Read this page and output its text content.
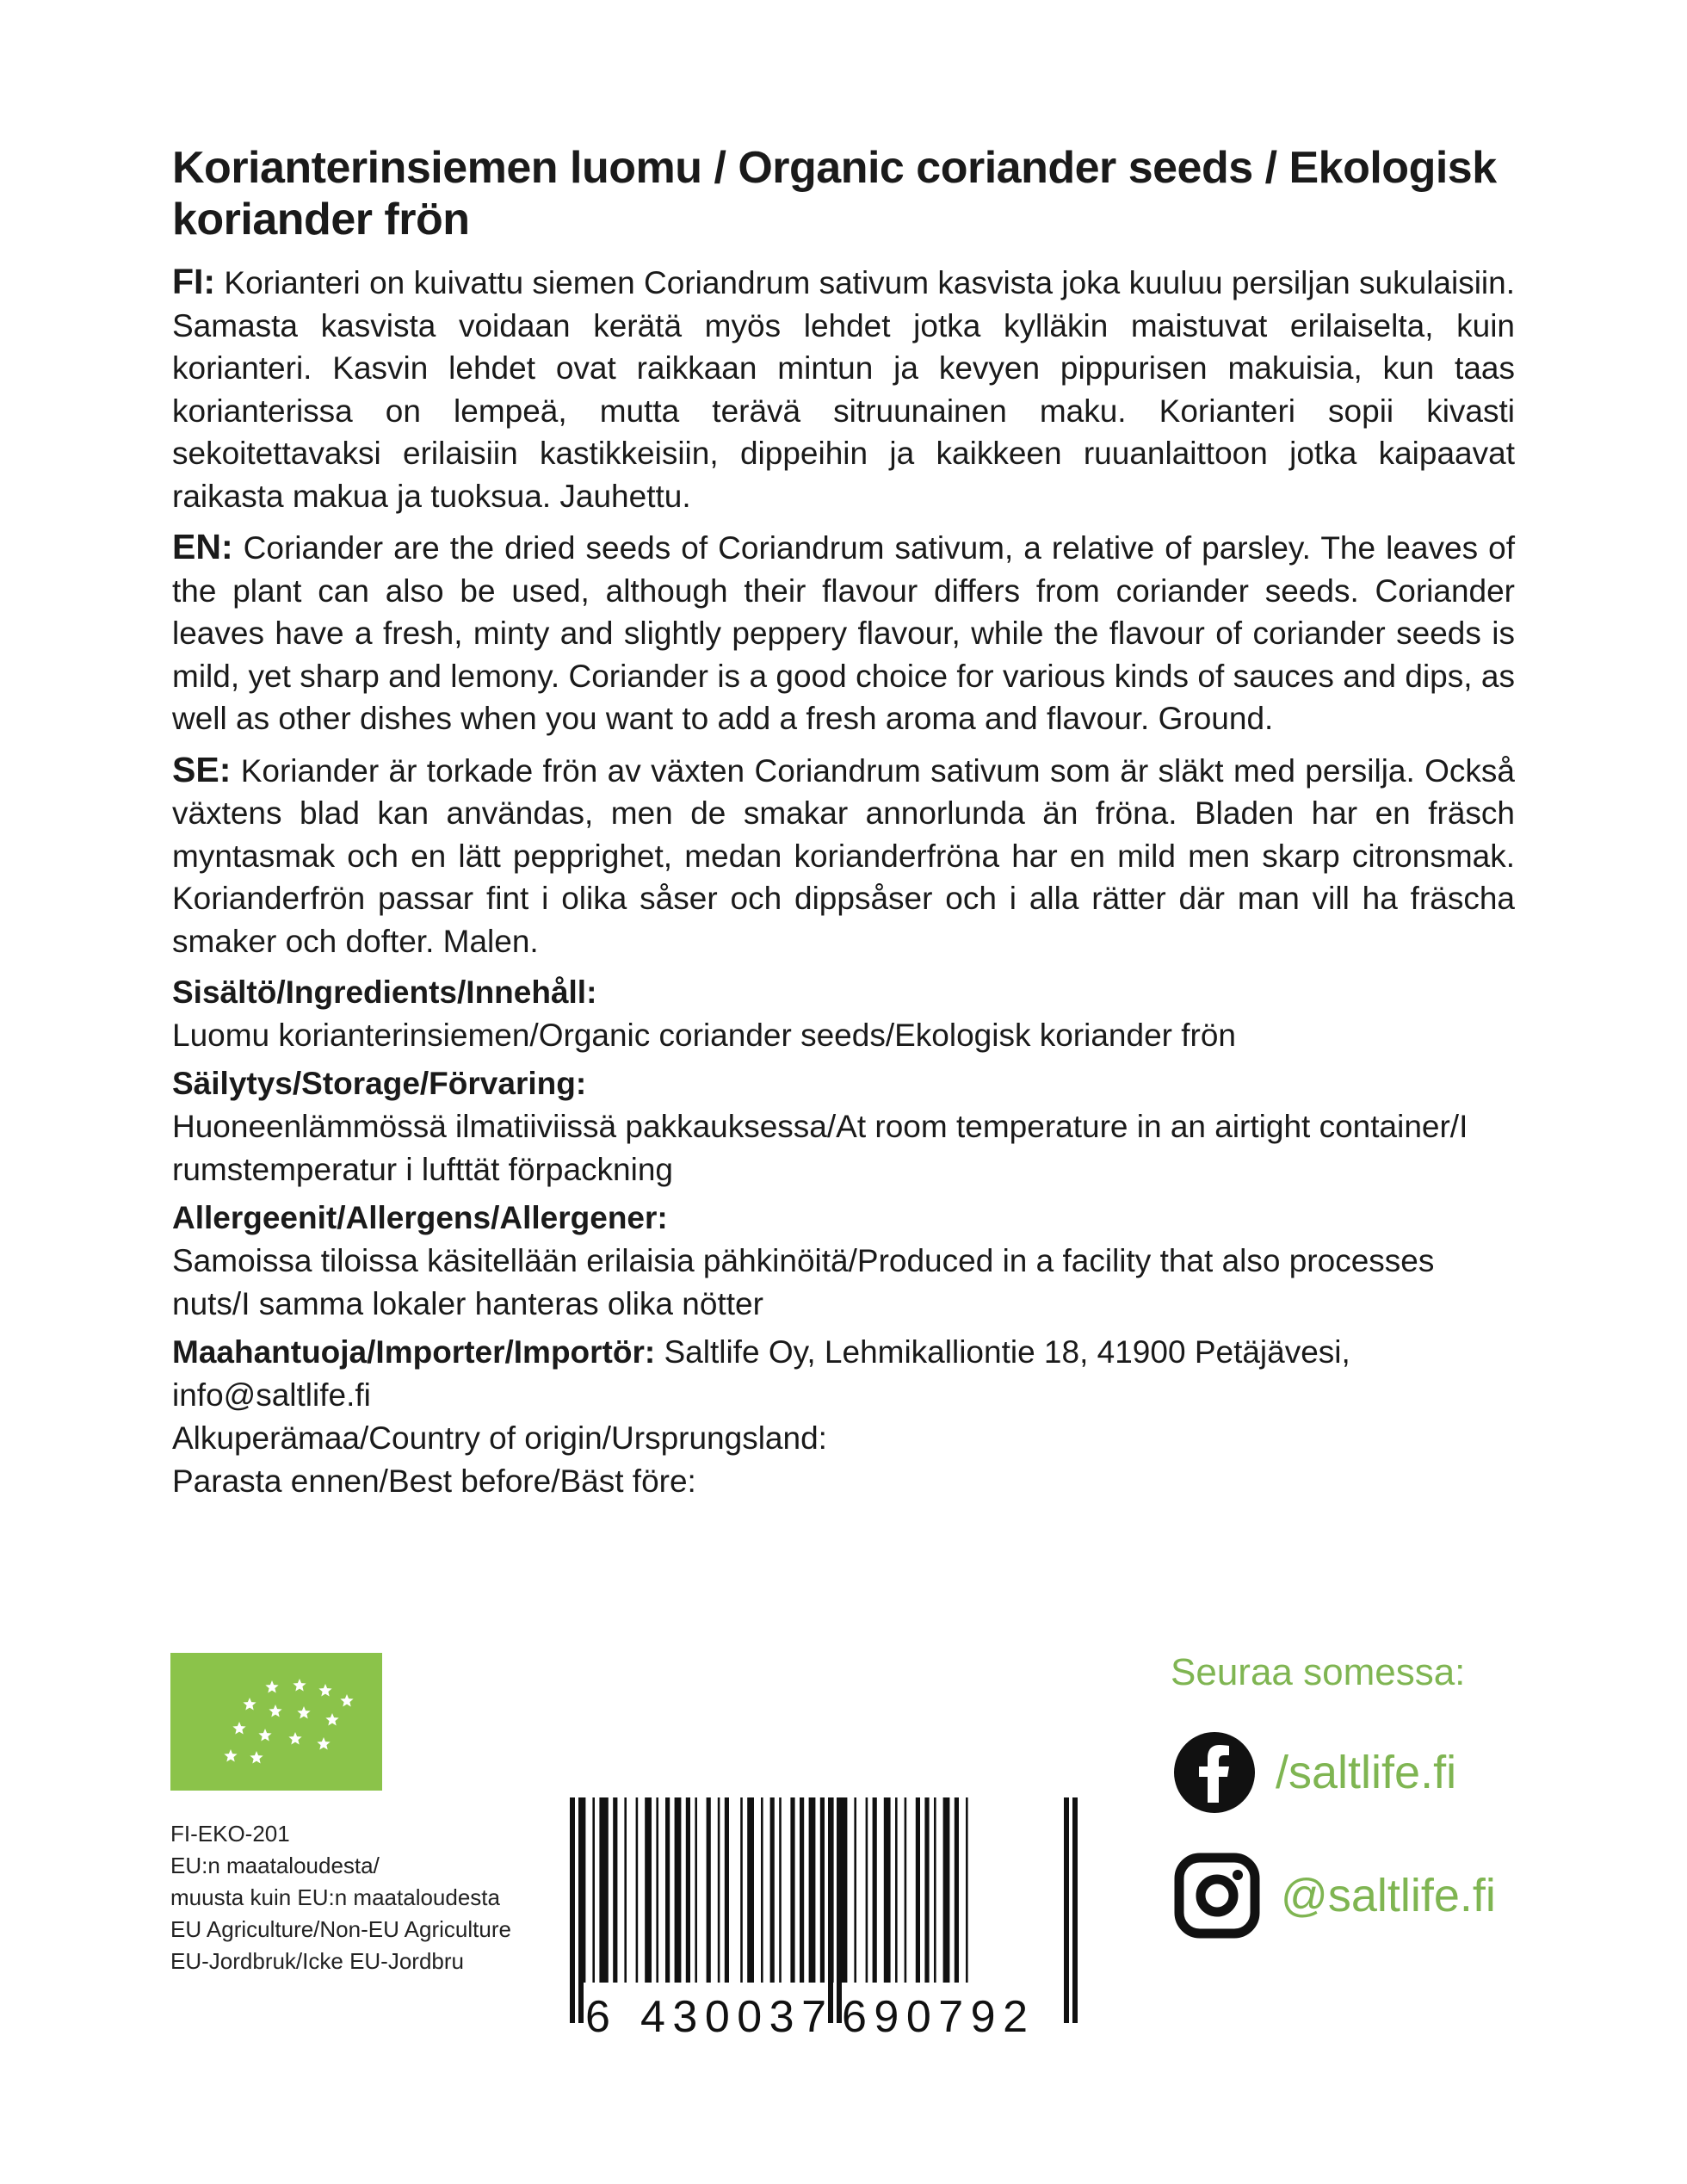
Korianterinsiemen luomu / Organic coriander seeds / Ekologisk koriander frön

FI: Korianteri on kuivattu siemen Coriandrum sativum kasvista joka kuuluu persiljan sukulaisiin. Samasta kasvista voidaan kerätä myös lehdet jotka kylläkin maistuvat erilaiselta, kuin korianteri. Kasvin lehdet ovat raikkaan mintun ja kevyen pippurisen makuisia, kun taas korianterissa on lempeä, mutta terävä sitruunainen maku. Korianteri sopii kivasti sekoitettavaksi erilaisiin kastikkeisiin, dippeihin ja kaikkeen ruuanlaittoon jotka kaipaavat raikasta makua ja tuoksua. Jauhettu.

EN: Coriander are the dried seeds of Coriandrum sativum, a relative of parsley. The leaves of the plant can also be used, although their flavour differs from coriander seeds. Coriander leaves have a fresh, minty and slightly peppery flavour, while the flavour of coriander seeds is mild, yet sharp and lemony. Coriander is a good choice for various kinds of sauces and dips, as well as other dishes when you want to add a fresh aroma and flavour. Ground.

SE: Koriander är torkade frön av växten Coriandrum sativum som är släkt med persilja. Också växtens blad kan användas, men de smakar annorlunda än fröna. Bladen har en fräsch myntasmak och en lätt pepprighet, medan korianderfröna har en mild men skarp citronsmak. Korianderfrön passar fint i olika såser och dippsåser och i alla rätter där man vill ha fräscha smaker och dofter. Malen.

Sisältö/Ingredients/Innehåll:

Luomu korianterinsiemen/Organic coriander seeds/Ekologisk koriander frön

Säilytys/Storage/Förvaring:

Huoneenlämmössä ilmatiiviissä pakkauksessa/At room temperature in an airtight container/I rumstemperatur i lufttät förpackning

Allergeenit/Allergens/Allergener:

Samoissa tiloissa käsitellään erilaisia pähkinöitä/Produced in a facility that also processes nuts/I samma lokaler hanteras olika nötter

Maahantuoja/Importer/Importör: Saltlife Oy, Lehmikalliontie 18, 41900 Petäjävesi, info@saltlife.fi

Alkuperämaa/Country of origin/Ursprungsland:

Parasta ennen/Best before/Bäst före:

FI-EKO-201
EU:n maataloudesta/
muusta kuin EU:n maataloudesta
EU Agriculture/Non-EU Agriculture
EU-Jordbruk/Icke EU-Jordbru
6 430037 690792
Seuraa somessa:
/saltlife.fi
@saltlife.fi
